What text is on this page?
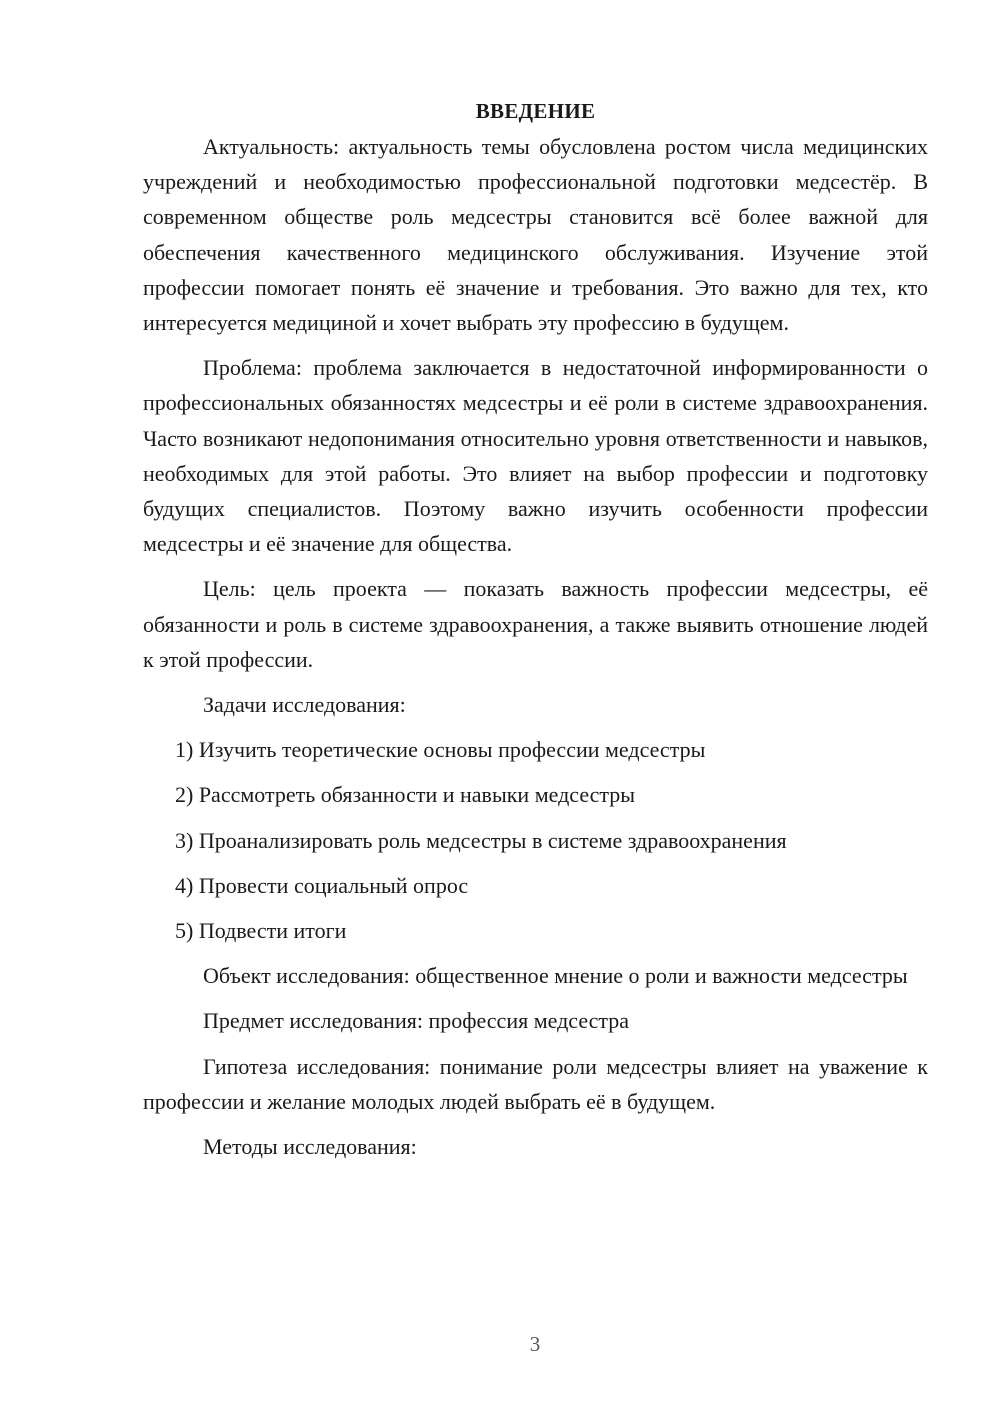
ВВЕДЕНИЕ

Актуальность: актуальность темы обусловлена ростом числа медицинских учреждений и необходимостью профессиональной подготовки медсестёр. В современном обществе роль медсестры становится всё более важной для обеспечения качественного медицинского обслуживания. Изучение этой профессии помогает понять её значение и требования. Это важно для тех, кто интересуется медициной и хочет выбрать эту профессию в будущем.

Проблема: проблема заключается в недостаточной информированности о профессиональных обязанностях медсестры и её роли в системе здравоохранения. Часто возникают недопонимания относительно уровня ответственности и навыков, необходимых для этой работы. Это влияет на выбор профессии и подготовку будущих специалистов. Поэтому важно изучить особенности профессии медсестры и её значение для общества.

Цель: цель проекта — показать важность профессии медсестры, её обязанности и роль в системе здравоохранения, а также выявить отношение людей к этой профессии.

Задачи исследования:

1) Изучить теоретические основы профессии медсестры

2) Рассмотреть обязанности и навыки медсестры

3) Проанализировать роль медсестры в системе здравоохранения

4) Провести социальный опрос

5) Подвести итоги

Объект исследования: общественное мнение о роли и важности медсестры

Предмет исследования: профессия медсестра

Гипотеза исследования: понимание роли медсестры влияет на уважение к профессии и желание молодых людей выбрать её в будущем.

Методы исследования:

3
